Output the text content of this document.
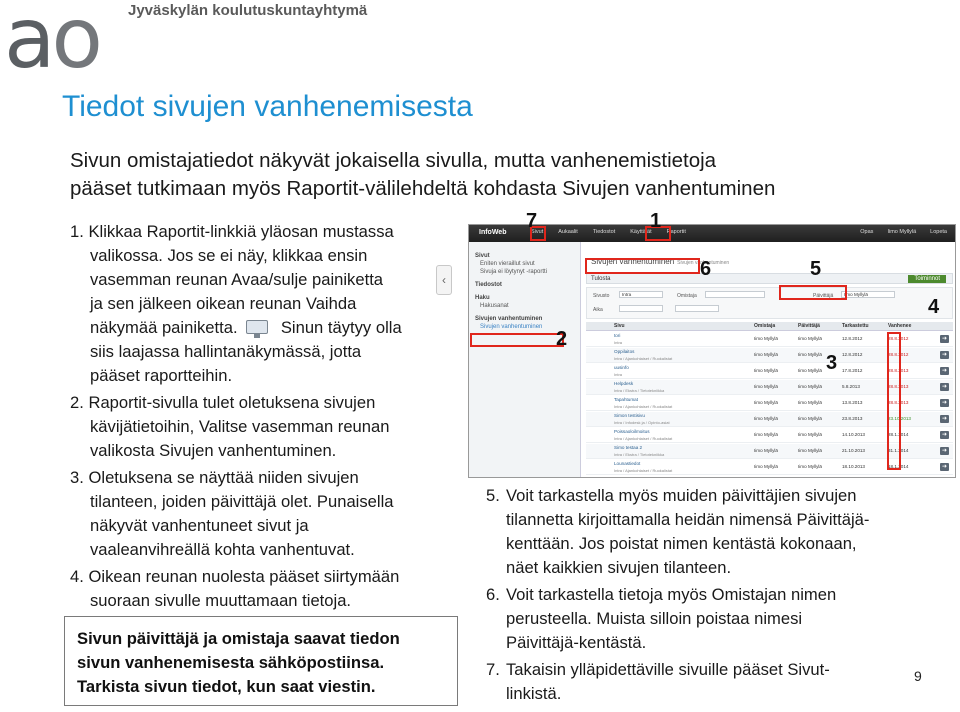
ao Jyväskylän koulutuskuntayhtymä
Tiedot sivujen vanhenemisesta
Sivun omistajatiedot näkyvät jokaisella sivulla, mutta vanhenemistietoja
pääset tutkimaan myös Raportit-välilehdeltä kohdasta Sivujen vanhentuminen
1. Klikkaa Raportit-linkkiä yläosan mustassa
valikossa. Jos se ei näy, klikkaa ensin
vasemman reunan Avaa/sulje painiketta
ja sen jälkeen oikean reunan Vaihda
näkymää painiketta.	Sinun täytyy olla
siis laajassa hallintanäkymässä, jotta
pääset raportteihin.
2. Raportit-sivulla tulet oletuksena sivujen
kävijätietoihin, Valitse vasemman reunan
valikosta Sivujen vanhentuminen.
3. Oletuksena se näyttää niiden sivujen
tilanteen, joiden päivittäjä olet. Punaisella
näkyvät vanhentuneet sivut ja
vaaleanvihreällä kohta vanhentuvat.
4. Oikean reunan nuolesta pääset siirtymään
suoraan sivulle muuttamaan tietoja.
‹
Sivun päivittäjä ja omistaja saavat tiedon
sivun vanhenemisesta sähköpostiinsa.
Tarkista sivun tiedot, kun saat viestin.
InfoWeb	Sivut	Aukaalit	Tiedostot	Käyttäjät	Raportit	Opas	Iimo Myllylä	Lopeta
Sivut
Eniten vieraillut sivut
Sivuja ei löytynyt -raportti
Tiedostot
Haku
Hakusanat
Sivujen vanhentuminen
Sivujen vanhentuminen
Sivujen vanhentuminen Sivujen vanhentuminen
Tulosta	Toiminnot
Sivusto	Intra	Omistaja	Päivittäjä	Iimo Myllylä
Aika
Sivu	Omistaja	Päivittäjä	Tarkastettu	Vanhenee
tori
Intra
Iimo Myllylä	Iimo Myllylä	12.8.2012	28.8.2012	➜
Oppilaitos
Intra / Ajankohtaiset / Ruokalistat
Iimo Myllylä	Iimo Myllylä	12.8.2012	28.8.2012	➜
uusinfo
Intra
Iimo Myllylä	Iimo Myllylä	17.8.2012	28.8.2013	➜
Helpdesk
Intra / Ekstra / Tietotekniikka
Iimo Myllylä	Iimo Myllylä	5.8.2013	28.8.2013	➜
Tapahtumat
Intra / Ajankohtaiset / Ruokalistat
Iimo Myllylä	Iimo Myllylä	13.8.2013	28.8.2013	➜
Simon testisivu
Intra / Infodesk ja / Opinto-asiat
Iimo Myllylä	Iimo Myllylä	23.8.2013	23.10.2013	➜
Poissaoloilmoitus
Intra / Ajankohtaiset / Ruokalistat
Iimo Myllylä	Iimo Myllylä	14.10.2013	28.1.2014	➜
Simo testaa 2
Intra / Ekstra / Tietotekniikka
Iimo Myllylä	Iimo Myllylä	21.10.2013	31.1.2014	➜
Lounastiedot
Intra / Ajankohtaiset / Ruokalistat
Iimo Myllylä	Iimo Myllylä	18.10.2013	18.1.2014	➜
7	1
6	5
4
2
3
5. Voit tarkastella myös muiden päivittäjien sivujen
tilannetta kirjoittamalla heidän nimensä Päivittäjä-
kenttään. Jos poistat nimen kentästä kokonaan,
näet kaikkien sivujen tilanteen.
6. Voit tarkastella tietoja myös Omistajan nimen
perusteella. Muista silloin poistaa nimesi
Päivittäjä-kentästä.
7. Takaisin ylläpidettäville sivuille pääset Sivut-
linkistä.
9
